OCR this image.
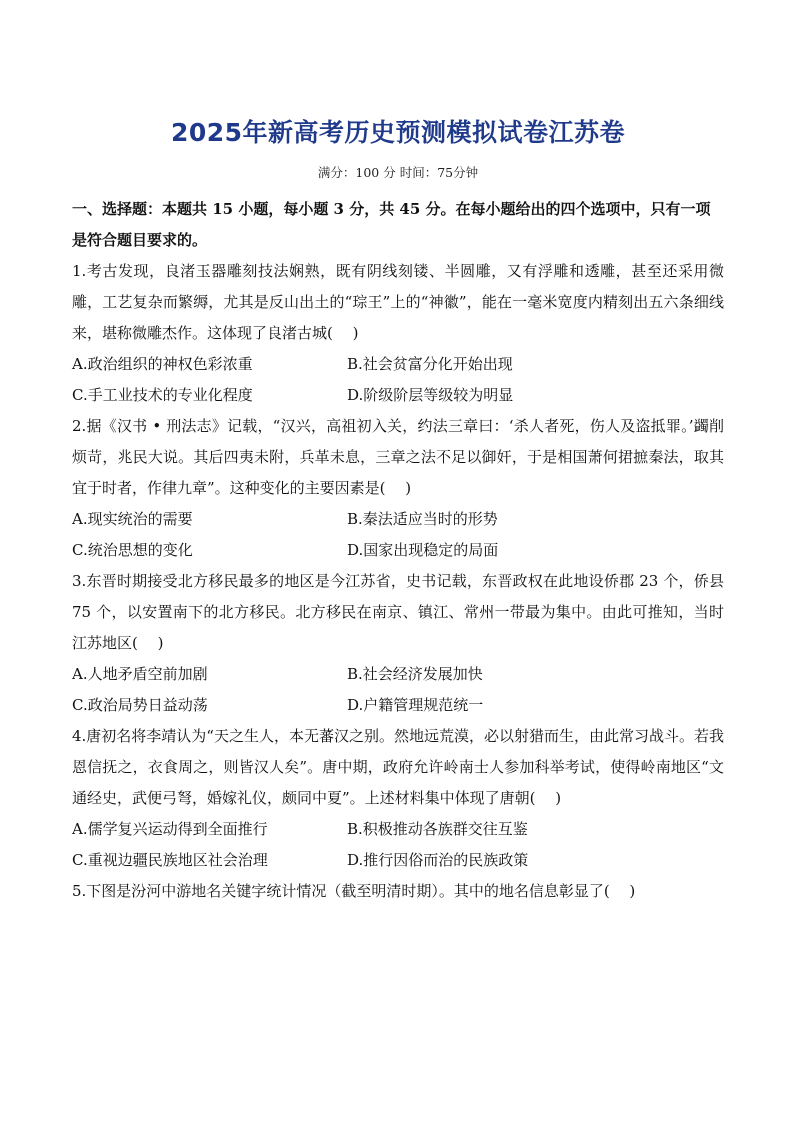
2025年新高考历史预测模拟试卷江苏卷
满分：100 分 时间：75分钟
一、选择题：本题共 15 小题，每小题 3 分，共 45 分。在每小题给出的四个选项中，只有一项是符合题目要求的。
1.考古发现，良渚玉器雕刻技法娴熟，既有阴线刻镂、半圆雕，又有浮雕和透雕，甚至还采用微雕，工艺复杂而繁缛，尤其是反山出土的“琮王”上的“神徽”，能在一毫米宽度内精刻出五六条细线来，堪称微雕杰作。这体现了良渚古城(　 )
A.政治组织的神权色彩浓重	B.社会贫富分化开始出现
C.手工业技术的专业化程度	D.阶级阶层等级较为明显
2.据《汉书 • 刑法志》记载，“汉兴，高祖初入关，约法三章曰：‘杀人者死，伤人及盗抵罪。’蠲削烦苛，兆民大说。其后四夷未附，兵革未息，三章之法不足以御奸，于是相国萧何捃摭秦法，取其宜于时者，作律九章”。这种变化的主要因素是(　 )
A.现实统治的需要	B.秦法适应当时的形势
C.统治思想的变化	D.国家出现稳定的局面
3.东晋时期接受北方移民最多的地区是今江苏省，史书记载，东晋政权在此地设侨郡 23 个，侨县 75 个，以安置南下的北方移民。北方移民在南京、镇江、常州一带最为集中。由此可推知，当时江苏地区(　 )
A.人地矛盾空前加剧	B.社会经济发展加快
C.政治局势日益动荡	D.户籍管理规范统一
4.唐初名将李靖认为“天之生人，本无蕃汉之别。然地远荒漠，必以射猎而生，由此常习战斗。若我恩信抚之，衣食周之，则皆汉人矣”。唐中期，政府允许岭南士人参加科举考试，使得岭南地区“文通经史，武便弓弩，婚嫁礼仪，颇同中夏”。上述材料集中体现了唐朝(　 )
A.儒学复兴运动得到全面推行	B.积极推动各族群交往互鉴
C.重视边疆民族地区社会治理	D.推行因俗而治的民族政策
5.下图是汾河中游地名关键字统计情况（截至明清时期）。其中的地名信息彰显了(　 )
